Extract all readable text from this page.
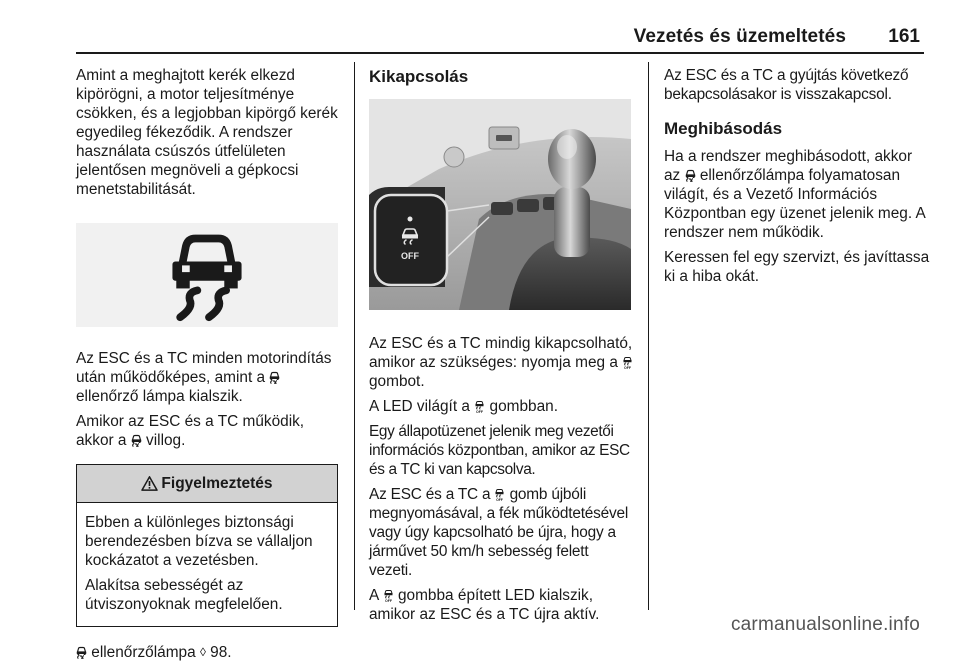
Vezetés és üzemeltetés 161

Amint a meghajtott kerék elkezd kipörögni, a motor teljesítménye csökken, és a legjobban kipörgő kerék egyedileg fékeződik. A rendszer használata csúszós útfelületen jelentősen megnöveli a gépkocsi menetstabilitását.

Az ESC és a TC minden motorindítás után működőképes, amint a
ellenőrző lámpa kialszik.

Amikor az ESC és a TC működik, akkor a villog.

Figyelmeztetés

Ebben a különleges biztonsági berendezésben bízva se vállaljon kockázatot a vezetésben.

Alakítsa sebességét az útviszonyoknak megfelelően.

ellenőrzőlámpa ◊ 98.

Kikapcsolás
OFF

Az ESC és a TC mindig kikapcsolható, amikor az szükséges: nyomja meg a
gombot.

A LED világít a gombban.

Egy állapotüzenet jelenik meg vezetői információs központban, amikor az ESC és a TC ki van kapcsolva.

Az ESC és a TC a gomb újbóli megnyomásával, a fék működtetésével vagy úgy kapcsolható be újra, hogy a járművet 50 km/h sebesség felett vezeti.

A gombba épített LED kialszik, amikor az ESC és a TC újra aktív.

Az ESC és a TC a gyújtás következő bekapcsolásakor is visszakapcsol.

Meghibásodás

Ha a rendszer meghibásodott, akkor az ellenőrzőlámpa folyamatosan világít, és a Vezető Információs Központban egy üzenet jelenik meg. A rendszer nem működik.

Keressen fel egy szervizt, és javíttassa ki a hiba okát.

carmanualsonline.info
